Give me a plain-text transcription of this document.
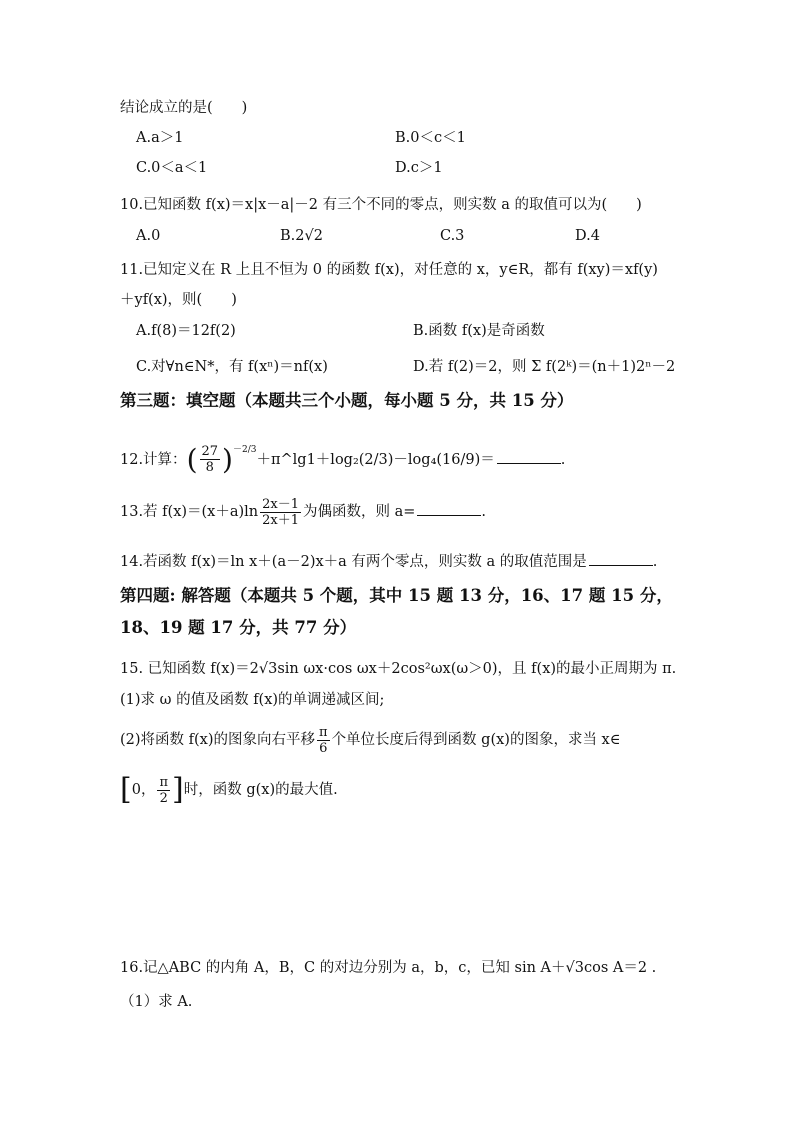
结论成立的是(　　)
A.a＞1	B.0＜c＜1
C.0＜a＜1	D.c＞1
10.已知函数 f(x)＝x|x－a|－2 有三个不同的零点，则实数 a 的取值可以为(　　)
A.0	B.2√2	C.3	D.4
11.已知定义在 R 上且不恒为 0 的函数 f(x)，对任意的 x，y∈R，都有 f(xy)＝xf(y)
＋yf(x)，则(　　)
A.f(8)＝12f(2)	B.函数 f(x)是奇函数
C.对∀n∈N*，有 f(xⁿ)＝nf(x)	D.若 f(2)＝2，则 Σ f(2ᵏ)＝(n＋1)2ⁿ－2
第三题：填空题（本题共三个小题，每小题 5 分，共 15 分）
12.计算：( $\frac{27}{8}$ )$^{-2/3}$＋π^lg1＋log₂(2/3)－log₄(16/9)＝	.
13.若 $f(x)=(x+a)\ln \frac{2x-1}{2x+1}$ 为偶函数，则 a=	.
14.若函数 f(x)＝ln x＋(a－2)x＋a 有两个零点，则实数 a 的取值范围是	.
第四题: 解答题（本题共 5 个题，其中 15 题 13 分，16、17 题 15 分，
18、19 题 17 分，共 77 分）
15. 已知函数 f(x)＝2√3sin ωx·cos ωx＋2cos²ωx(ω＞0)，且 f(x)的最小正周期为 π.
(1)求 ω 的值及函数 f(x)的单调递减区间;
(2)将函数 f(x)的图象向右平移 $\frac{\pi}{6}$ 个单位长度后得到函数 g(x)的图象，求当 x∈
[0， $\frac{\pi}{2}$ ]时，函数 g(x)的最大值.
16.记△ABC 的内角 A，B，C 的对边分别为 a，b，c，已知 sin A＋√3cos A＝2 .
（1）求 A.
